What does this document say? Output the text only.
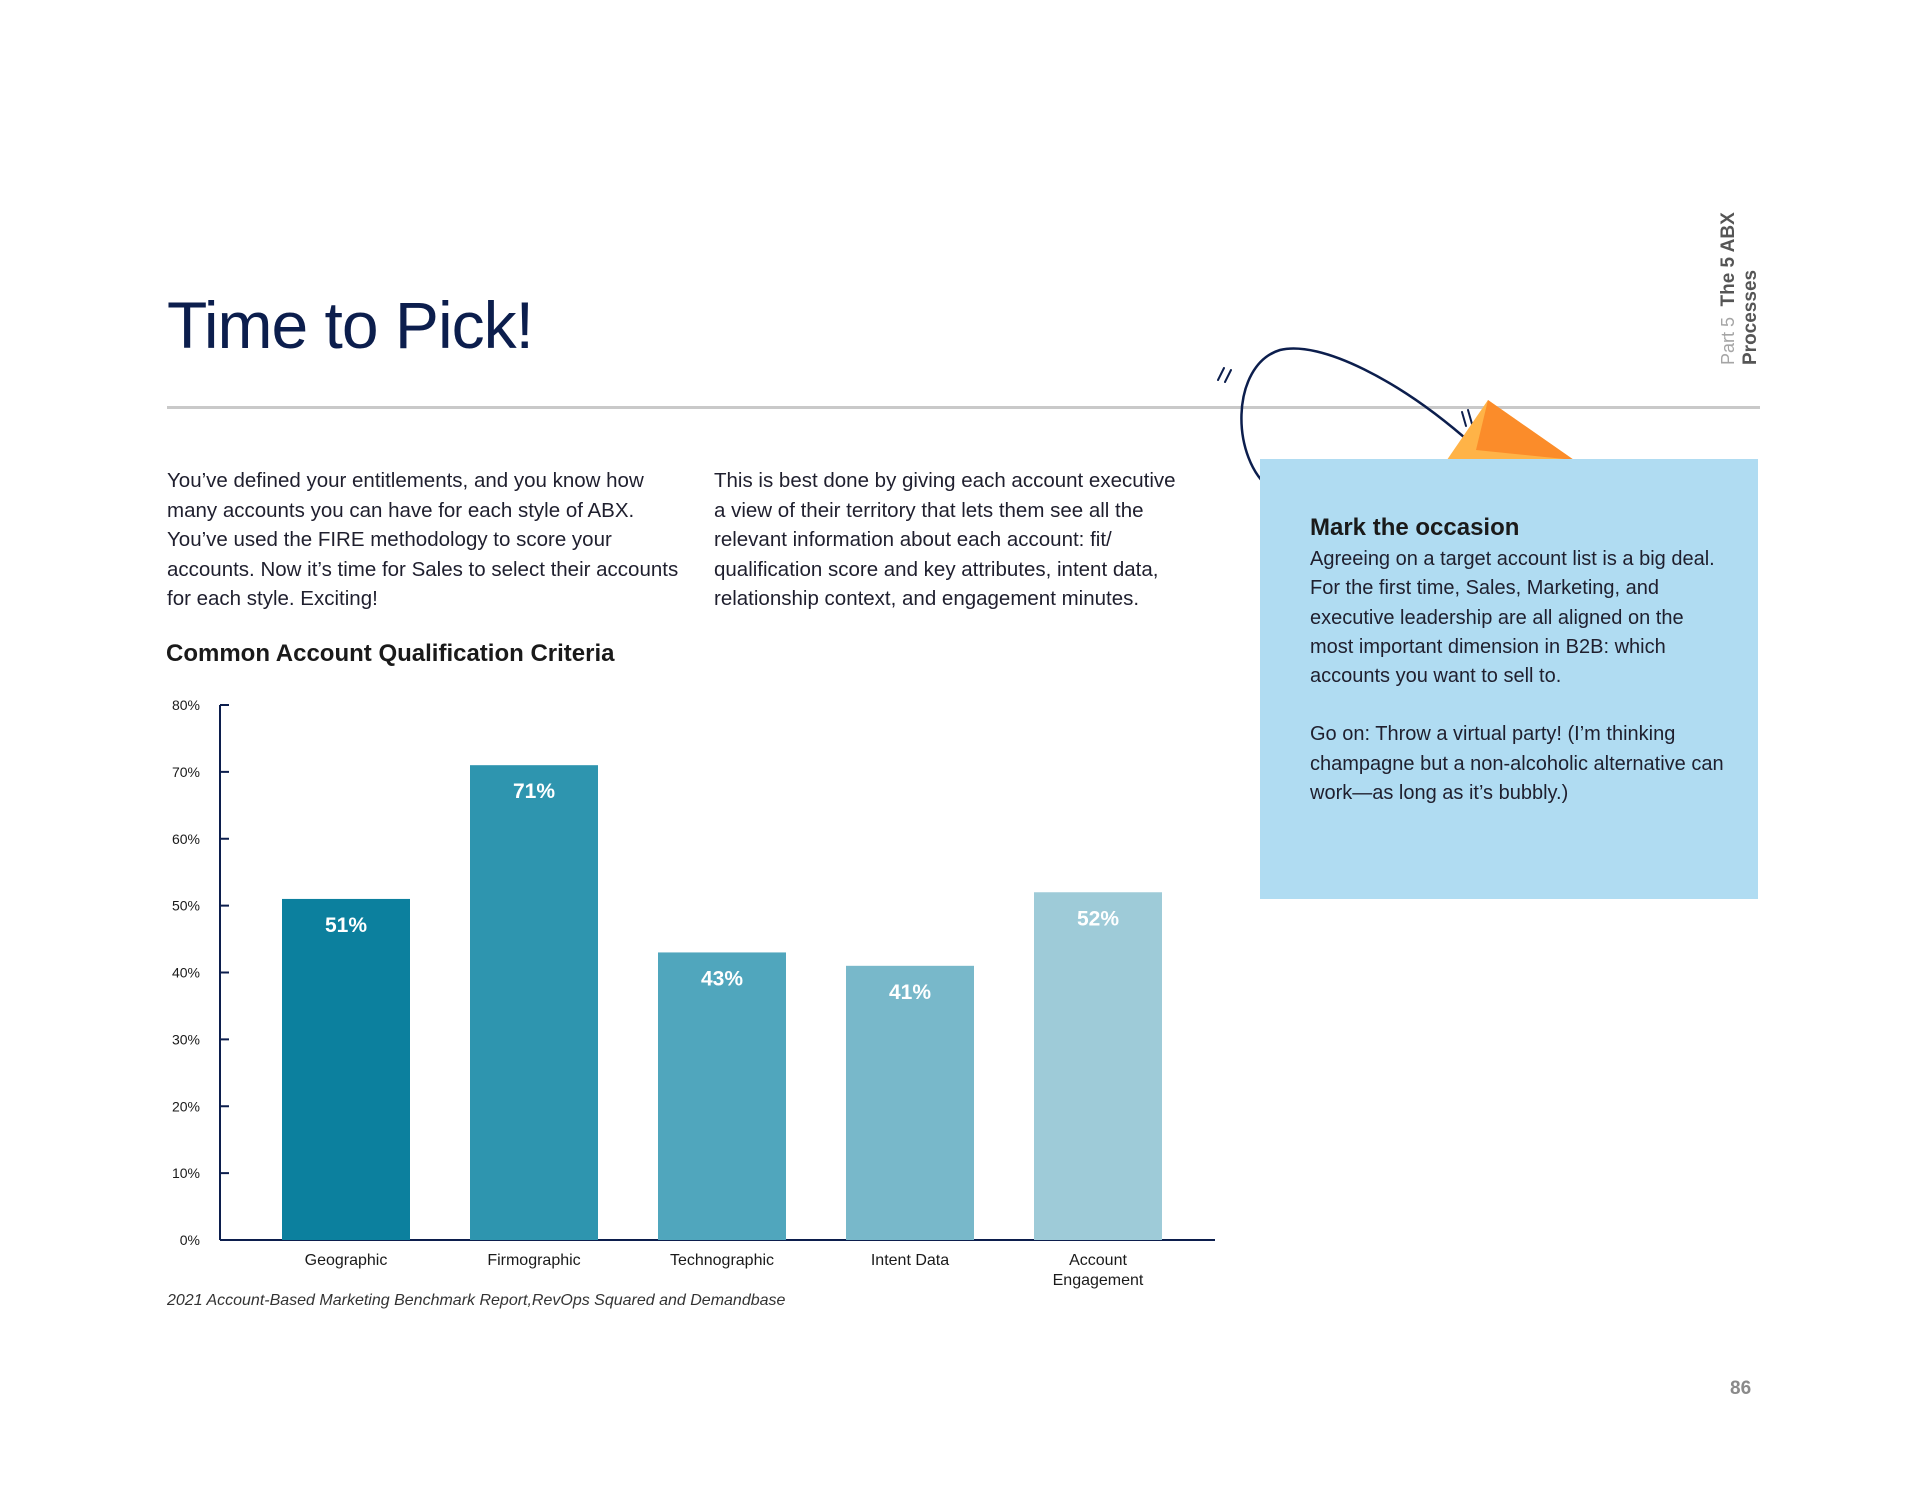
Time to Pick!	Part 5 The 5 ABX Processes

You’ve defined your entitlements, and you know how many accounts you can have for each style of ABX. You’ve used the FIRE methodology to score your accounts. Now it’s time for Sales to select their accounts for each style. Exciting!

This is best done by giving each account executive a view of their territory that lets them see all the relevant information about each account: fit/ qualification score and key attributes, intent data, relationship context, and engagement minutes.

Common Account Qualification Criteria
0%
10%
20%
30%
40%
50%
60%
70%
80%
51%
Geographic
71%
Firmographic
43%
Technographic
41%
Intent Data
52%
Account
Engagement
2021 Account-Based Marketing Benchmark Report,RevOps Squared and Demandbase
Mark the occasion

Agreeing on a target account list is a big deal. For the first time, Sales, Marketing, and executive leadership are all aligned on the most important dimension in B2B: which accounts you want to sell to.

Go on: Throw a virtual party! (I’m thinking champagne but a non-alcoholic alternative can work—as long as it’s bubbly.)

86
